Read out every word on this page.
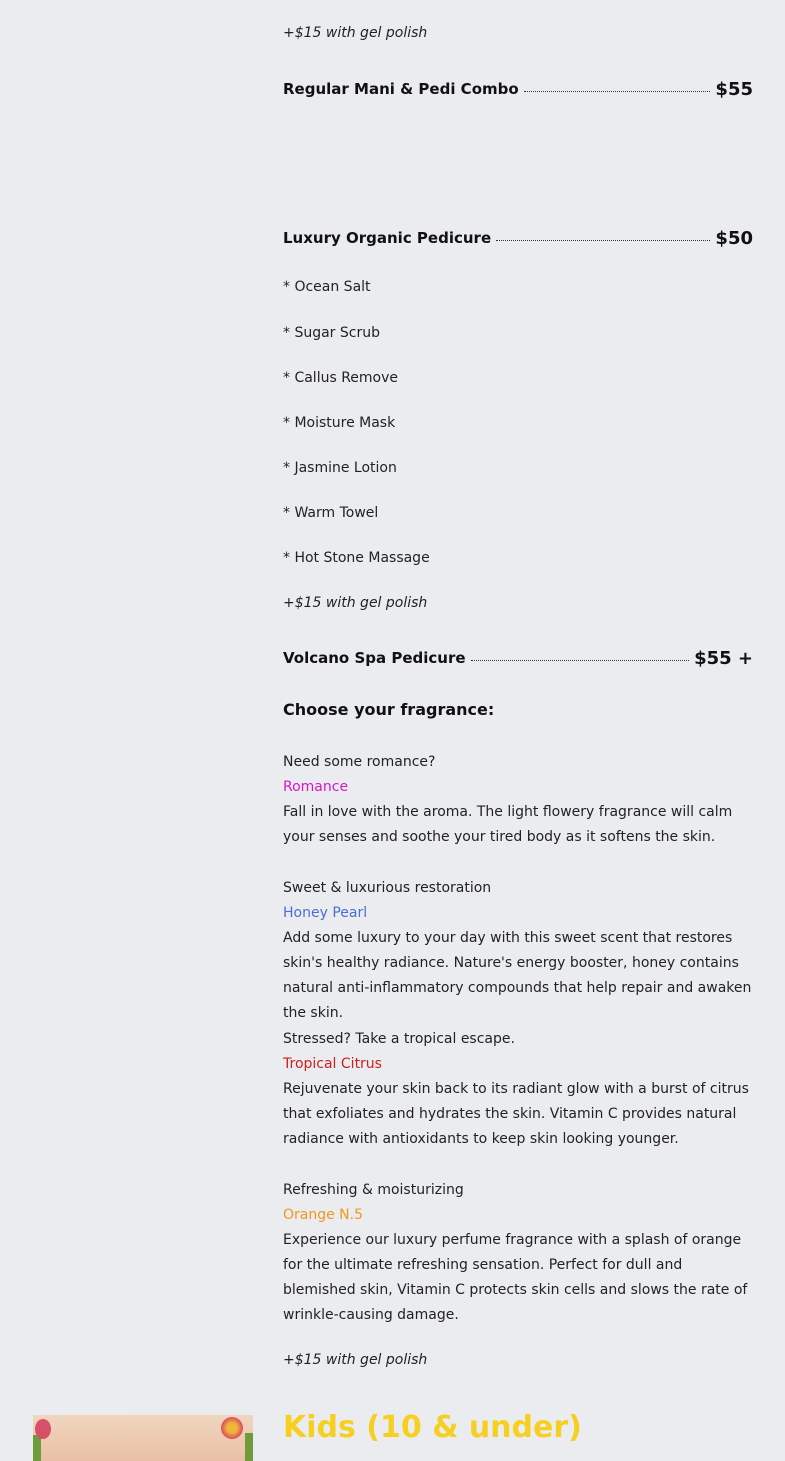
+$15 with gel polish
Regular Mani & Pedi Combo	$55
Luxury Organic Pedicure	$50
* Ocean Salt
* Sugar Scrub
* Callus Remove
* Moisture Mask
* Jasmine Lotion
* Warm Towel
* Hot Stone Massage
+$15 with gel polish
Volcano Spa Pedicure	$55 +
Choose your fragrance:
Need some romance?
Romance
Fall in love with the aroma. The light flowery fragrance will calm your senses and soothe your tired body as it softens the skin.
Sweet & luxurious restoration
Honey Pearl
Add some luxury to your day with this sweet scent that restores skin's healthy radiance. Nature's energy booster, honey contains natural anti-inflammatory compounds that help repair and awaken the skin.
Stressed? Take a tropical escape.
Tropical Citrus
Rejuvenate your skin back to its radiant glow with a burst of citrus that exfoliates and hydrates the skin. Vitamin C provides natural radiance with antioxidants to keep skin looking younger.
Refreshing & moisturizing
Orange N.5
Experience our luxury perfume fragrance with a splash of orange for the ultimate refreshing sensation. Perfect for dull and blemished skin, Vitamin C protects skin cells and slows the rate of wrinkle-causing damage.
+$15 with gel polish
Kids (10 & under)
